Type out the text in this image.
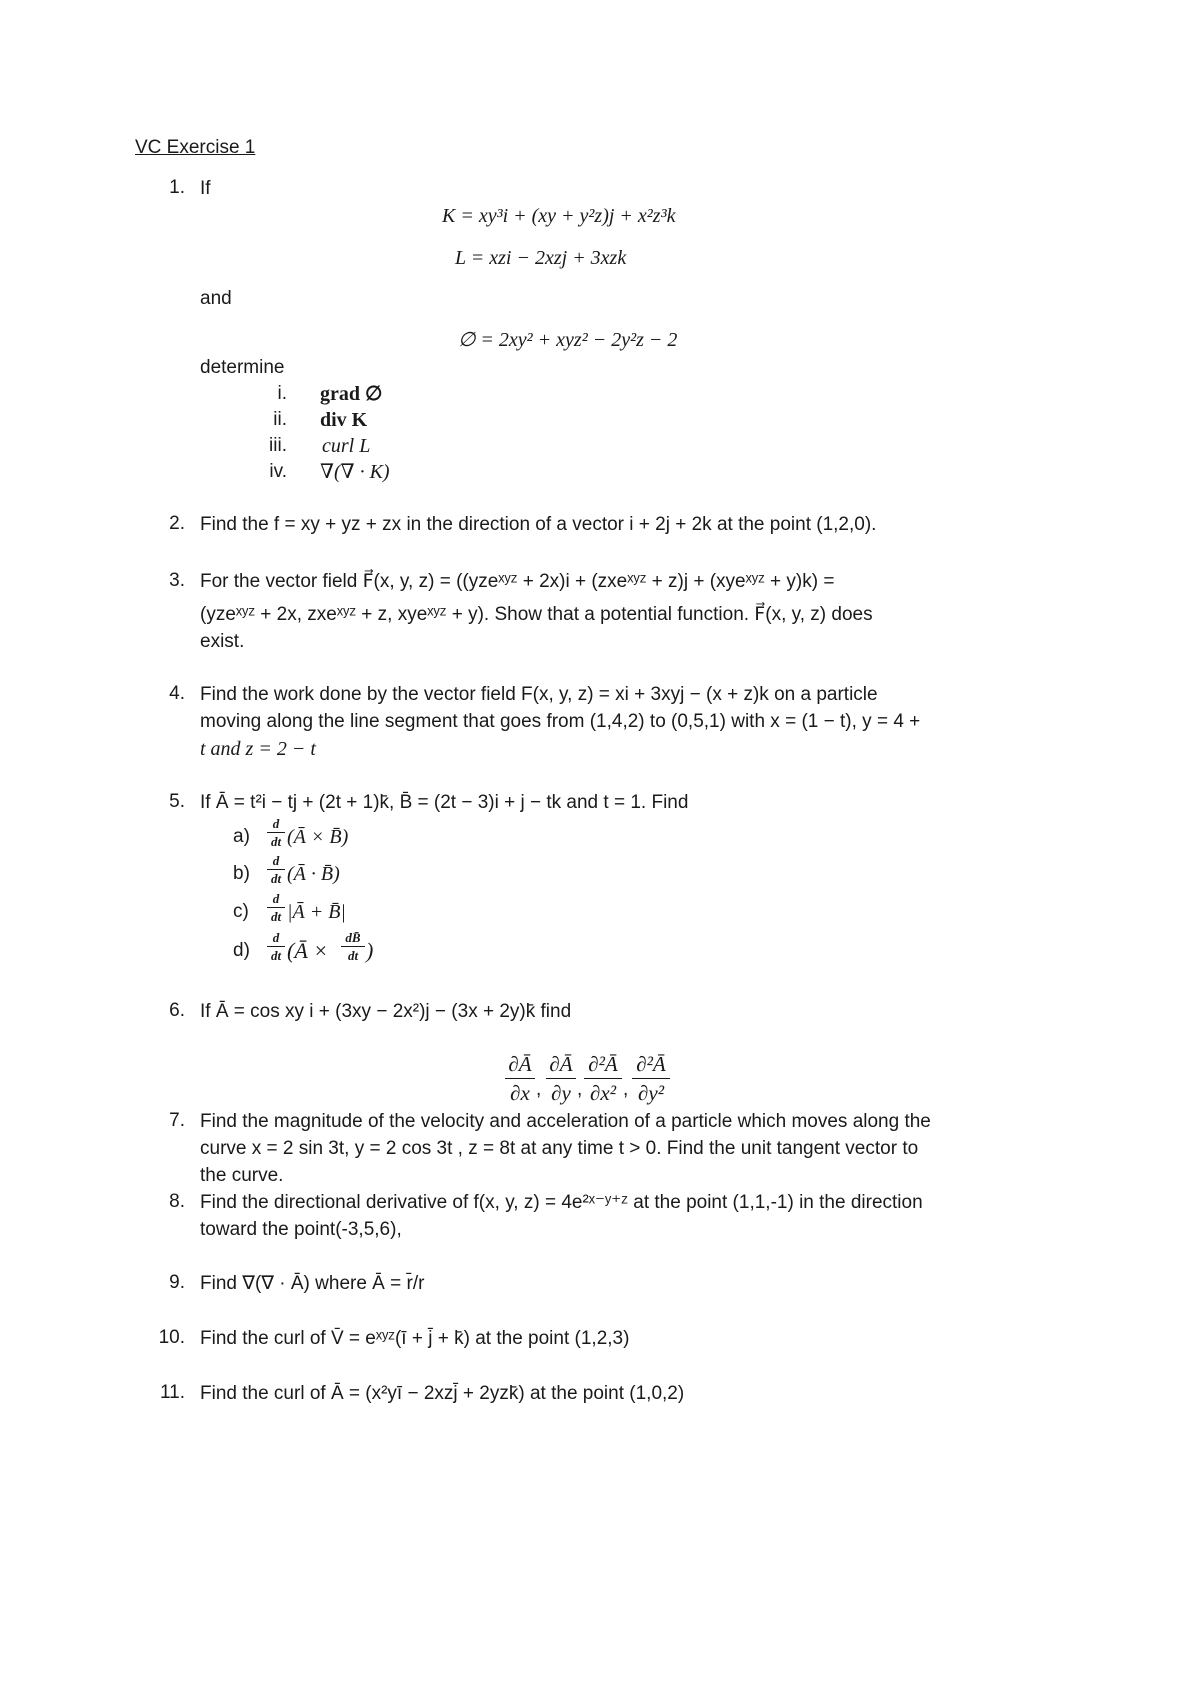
VC Exercise 1
1. If
K = xy³i + (xy + y²z)j + x²z³k
L = xzi − 2xzj + 3xzk
and
∅ = 2xy² + xyz² − 2y²z − 2
determine
i. grad ∅
ii. div K
iii. curl L
iv. ∇(∇ · K)
2. Find the f = xy + yz + zx in the direction of a vector i + 2j + 2k at the point (1,2,0).
3. For the vector field F⃗(x, y, z) = ((yzeˣʸᶻ + 2x)i + (zxeˣʸᶻ + z)j + (xyeˣʸᶻ + y)k) =
(yzeˣʸᶻ + 2x, zxeˣʸᶻ + z, xyeˣʸᶻ + y). Show that a potential function. F⃗(x, y, z) does
exist.
4. Find the work done by the vector field F(x, y, z) = xi + 3xyj − (x + z)k on a particle
moving along the line segment that goes from (1,4,2) to (0,5,1) with x = (1 − t), y = 4 +
t and z = 2 − t
5. If Ā = t²i − tj + (2t + 1)k̄, B̄ = (2t − 3)i + j − tk and t = 1. Find
a)
d
dt (Ā × B̄)
b)
d
dt (Ā · B̄)
c)
d
dt |Ā + B̄|
d)
d
dt (Ā ×
dB̄
dt )
6. If Ā = cos xy i + (3xy − 2x²)j − (3x + 2y)k̄ find
∂Ā
∂x ,
∂Ā
∂y ,
∂²Ā
∂x² ,
∂²Ā
∂y²
7. Find the magnitude of the velocity and acceleration of a particle which moves along the
curve x = 2 sin 3t, y = 2 cos 3t , z = 8t at any time t > 0. Find the unit tangent vector to
the curve.
8. Find the directional derivative of f(x, y, z) = 4e²ˣ⁻ʸ⁺ᶻ at the point (1,1,-1) in the direction
toward the point(-3,5,6),
9. Find ∇(∇ · Ā) where Ā = r̄/r
10. Find the curl of V̄ = eˣʸᶻ(ī + j̄ + k̄) at the point (1,2,3)
11. Find the curl of Ā = (x²yī − 2xzj̄ + 2yzk̄) at the point (1,0,2)
